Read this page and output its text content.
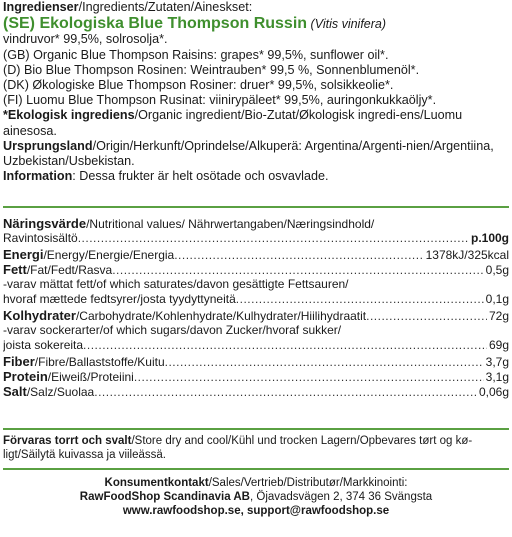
Ingredienser/Ingredients/Zutaten/Aineskset:

(SE) Ekologiska Blue Thompson Russin (Vitis vinifera)

vindruvor* 99,5%, solrosolja*.

(GB) Organic Blue Thompson Raisins: grapes* 99,5%, sunflower oil*.

(D) Bio Blue Thompson Rosinen: Weintrauben* 99,5 %, Sonnenblumenöl*.

(DK) Økologiske Blue Thompson Rosiner: druer* 99,5%, solsikkeolie*.

(FI) Luomu Blue Thompson Rusinat: viinirypäleet* 99,5%, auringonkukkaöljy*.

*Ekologisk ingrediens/Organic ingredient/Bio-Zutat/Økologisk ingredi-ens/Luomu ainesosa.

Ursprungsland/Origin/Herkunft/Oprindelse/Alkuperä: Argentina/Argenti-nien/Argentiina, Uzbekistan/Usbekistan.

Information: Dessa frukter är helt osötade och osvavlade.

Näringsvärde/Nutritional values/ Nährwertangaben/Næringsindhold/
Ravintosisältö .....	p.100g
Energi/Energy/Energie/Energia .....	1378kJ/325kcal
Fett/Fat/Fedt/Rasva .....	0,5g
-varav mättat fett/of which saturates/davon gesättigte Fettsauren/
hvoraf mættede fedtsyrer/josta tyydyttyneitä .....	0,1g
Kolhydrater/Carbohydrate/Kohlenhydrate/Kulhydrater/Hiilihydraatit .....	72g
-varav sockerarter/of which sugars/davon Zucker/hvoraf sukker/
joista sokereita .....	69g
Fiber/Fibre/Ballaststoffe/Kuitu .....	3,7g
Protein/Eiweiß/Proteiini .....	3,1g
Salt/Salz/Suolaa .....	0,06g
Förvaras torrt och svalt/Store dry and cool/Kühl und trocken Lagern/Opbevares tørt og kø-ligt/Säilytä kuivassa ja viileässä.
Konsumentkontakt/Sales/Vertrieb/Distributør/Markkinointi:
RawFoodShop Scandinavia AB, Öjavadsvägen 2, 374 36 Svängsta
www.rawfoodshop.se, support@rawfoodshop.se
